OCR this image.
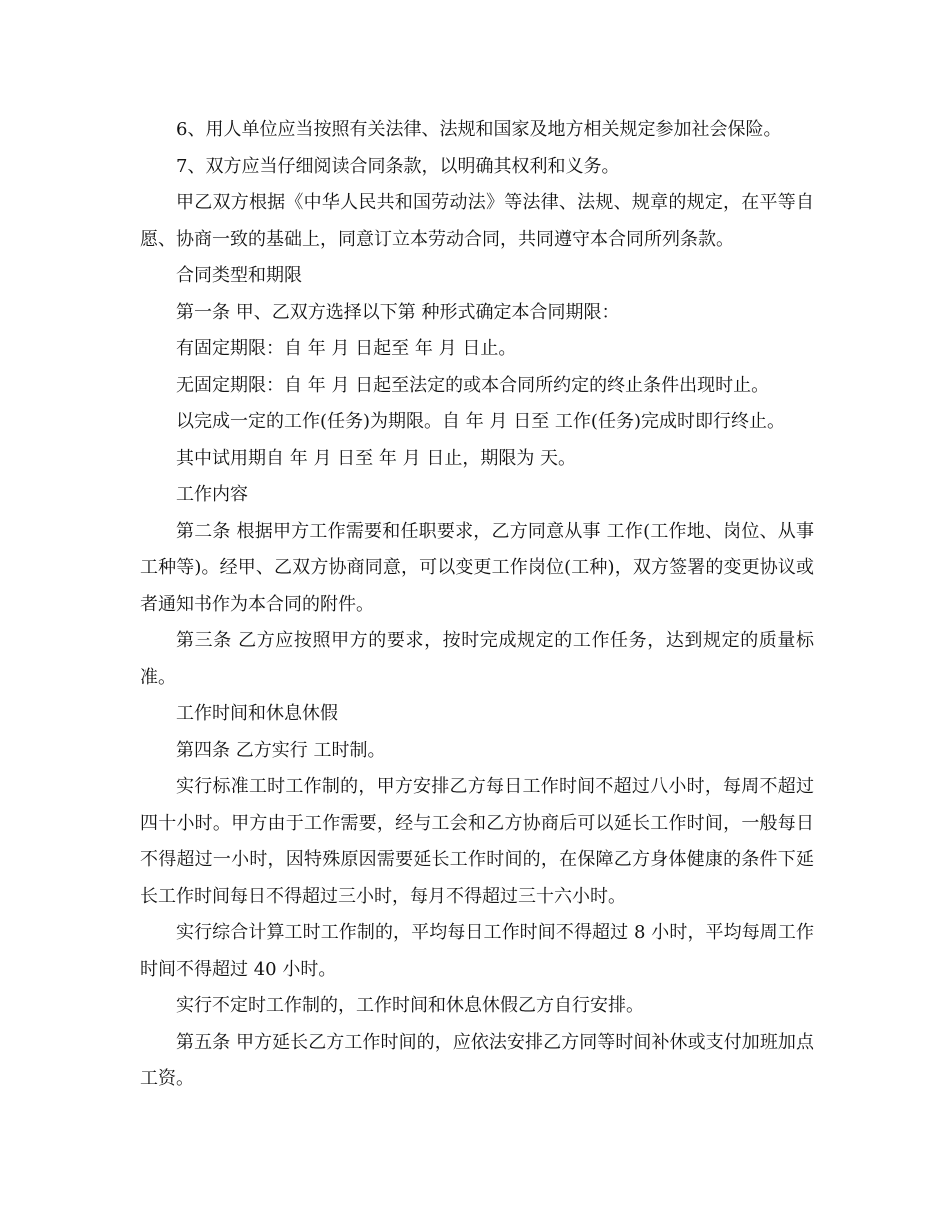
6、用人单位应当按照有关法律、法规和国家及地方相关规定参加社会保险。

7、双方应当仔细阅读合同条款，以明确其权利和义务。

甲乙双方根据《中华人民共和国劳动法》等法律、法规、规章的规定，在平等自愿、协商一致的基础上，同意订立本劳动合同，共同遵守本合同所列条款。

合同类型和期限

第一条 甲、乙双方选择以下第 种形式确定本合同期限：

有固定期限：自 年 月 日起至 年 月 日止。

无固定期限：自 年 月 日起至法定的或本合同所约定的终止条件出现时止。

以完成一定的工作(任务)为期限。自 年 月 日至 工作(任务)完成时即行终止。

其中试用期自 年 月 日至 年 月 日止，期限为 天。

工作内容

第二条 根据甲方工作需要和任职要求，乙方同意从事 工作(工作地、岗位、从事工种等)。经甲、乙双方协商同意，可以变更工作岗位(工种)，双方签署的变更协议或者通知书作为本合同的附件。

第三条 乙方应按照甲方的要求，按时完成规定的工作任务，达到规定的质量标准。

工作时间和休息休假

第四条 乙方实行 工时制。

实行标准工时工作制的，甲方安排乙方每日工作时间不超过八小时，每周不超过四十小时。甲方由于工作需要，经与工会和乙方协商后可以延长工作时间，一般每日不得超过一小时，因特殊原因需要延长工作时间的，在保障乙方身体健康的条件下延长工作时间每日不得超过三小时，每月不得超过三十六小时。

实行综合计算工时工作制的，平均每日工作时间不得超过 8 小时，平均每周工作时间不得超过 40 小时。

实行不定时工作制的，工作时间和休息休假乙方自行安排。

第五条 甲方延长乙方工作时间的，应依法安排乙方同等时间补休或支付加班加点工资。
